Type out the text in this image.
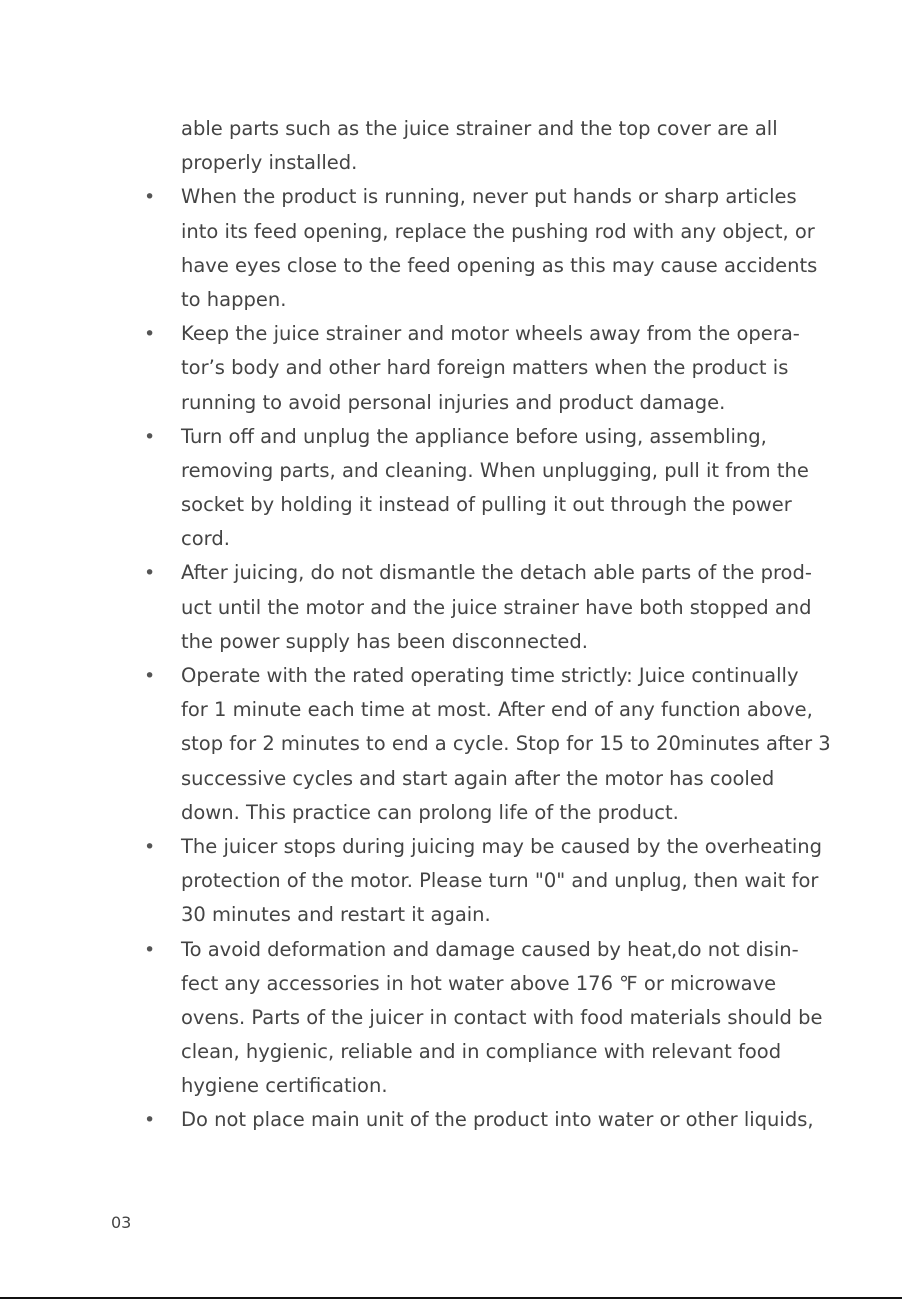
able parts such as the juice strainer and the top cover are all
properly installed.
• When the product is running, never put hands or sharp articles
into its feed opening, replace the pushing rod with any object, or
have eyes close to the feed opening as this may cause accidents
to happen.
• Keep the juice strainer and motor wheels away from the opera-
tor’s body and other hard foreign matters when the product is
running to avoid personal injuries and product damage.
• Turn off and unplug the appliance before using, assembling,
removing parts, and cleaning. When unplugging, pull it from the
socket by holding it instead of pulling it out through the power
cord.
• After juicing, do not dismantle the detach able parts of the prod-
uct until the motor and the juice strainer have both stopped and
the power supply has been disconnected.
• Operate with the rated operating time strictly: Juice continually
for 1 minute each time at most. After end of any function above,
stop for 2 minutes to end a cycle. Stop for 15 to 20minutes after 3
successive cycles and start again after the motor has cooled
down. This practice can prolong life of the product.
• The juicer stops during juicing may be caused by the overheating
protection of the motor. Please turn "0" and unplug, then wait for
30 minutes and restart it again.
• To avoid deformation and damage caused by heat,do not disin-
fect any accessories in hot water above 176 ℉ or microwave
ovens. Parts of the juicer in contact with food materials should be
clean, hygienic, reliable and in compliance with relevant food
hygiene certification.
• Do not place main unit of the product into water or other liquids,
03
